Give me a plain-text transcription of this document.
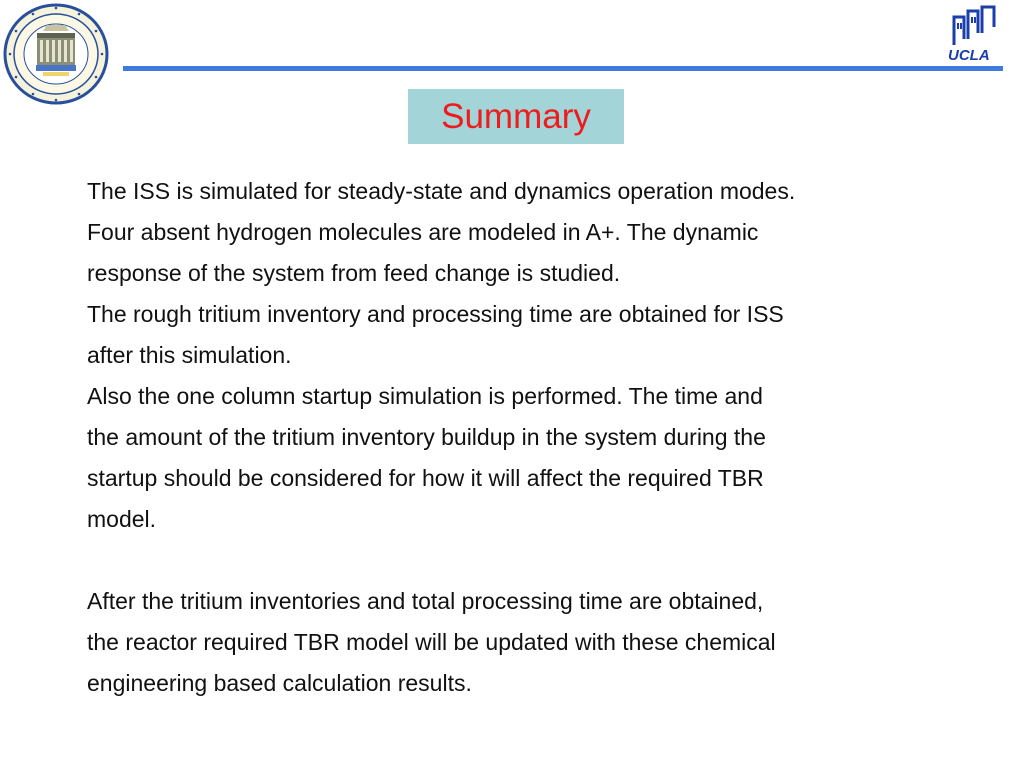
UCLA
Summary
The ISS is simulated for steady-state and dynamics operation modes.
Four absent hydrogen molecules are modeled in A+. The dynamic
response of the system from feed change is studied.
The rough tritium inventory and processing time are obtained for ISS
after this simulation.
Also the one column startup simulation is performed. The time and
the amount of the tritium inventory buildup in the system during the
startup should be considered for how it will affect the required TBR
model.
After the tritium inventories and total processing time are obtained,
the reactor required TBR model will be updated with these chemical
engineering based calculation results.
